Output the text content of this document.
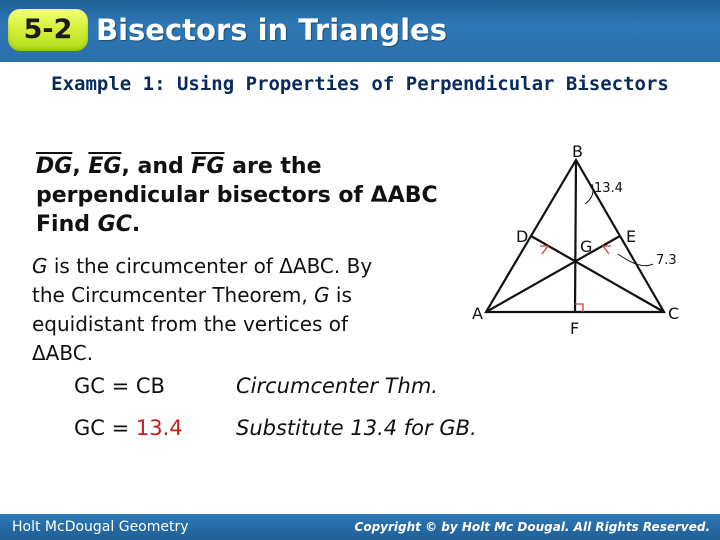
5-2 Bisectors in Triangles
Example 1: Using Properties of Perpendicular Bisectors
$\overline{DG}$, $\overline{EG}$, and $\overline{FG}$ are the
perpendicular bisectors of ΔABC
Find GC.
G is the circumcenter of ΔABC. By
the Circumcenter Theorem, G is
equidistant from the vertices of
ΔABC.
GC = CB	Circumcenter Thm.
GC = 13.4	Substitute 13.4 for GB.
B
A	C
D	E
F
G
13.4
7.3
Holt McDougal Geometry	Copyright © by Holt Mc Dougal. All Rights Reserved.
